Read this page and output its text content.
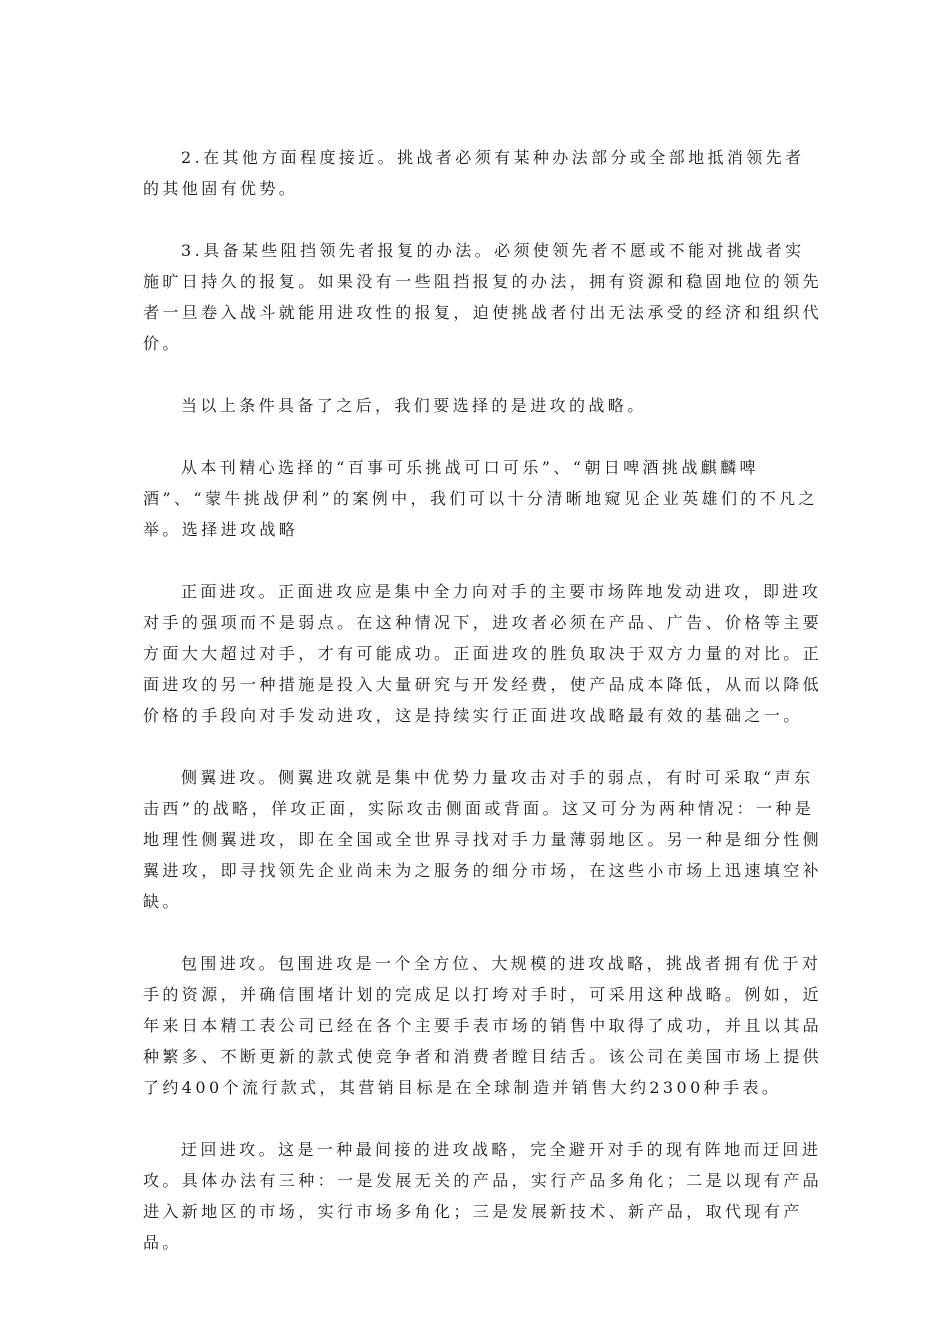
2.在其他方面程度接近。挑战者必须有某种办法部分或全部地抵消领先者的其他固有优势。

3.具备某些阻挡领先者报复的办法。必须使领先者不愿或不能对挑战者实施旷日持久的报复。如果没有一些阻挡报复的办法，拥有资源和稳固地位的领先者一旦卷入战斗就能用进攻性的报复，迫使挑战者付出无法承受的经济和组织代价。

当以上条件具备了之后，我们要选择的是进攻的战略。

从本刊精心选择的“百事可乐挑战可口可乐”、“朝日啤酒挑战麒麟啤酒”、“蒙牛挑战伊利”的案例中，我们可以十分清晰地窥见企业英雄们的不凡之举。选择进攻战略

正面进攻。正面进攻应是集中全力向对手的主要市场阵地发动进攻，即进攻对手的强项而不是弱点。在这种情况下，进攻者必须在产品、广告、价格等主要方面大大超过对手，才有可能成功。正面进攻的胜负取决于双方力量的对比。正面进攻的另一种措施是投入大量研究与开发经费，使产品成本降低，从而以降低价格的手段向对手发动进攻，这是持续实行正面进攻战略最有效的基础之一。

侧翼进攻。侧翼进攻就是集中优势力量攻击对手的弱点，有时可采取“声东击西”的战略，佯攻正面，实际攻击侧面或背面。这又可分为两种情况：一种是地理性侧翼进攻，即在全国或全世界寻找对手力量薄弱地区。另一种是细分性侧翼进攻，即寻找领先企业尚未为之服务的细分市场，在这些小市场上迅速填空补缺。

包围进攻。包围进攻是一个全方位、大规模的进攻战略，挑战者拥有优于对手的资源，并确信围堵计划的完成足以打垮对手时，可采用这种战略。例如，近年来日本精工表公司已经在各个主要手表市场的销售中取得了成功，并且以其品种繁多、不断更新的款式使竞争者和消费者瞠目结舌。该公司在美国市场上提供了约400个流行款式，其营销目标是在全球制造并销售大约2300种手表。

迂回进攻。这是一种最间接的进攻战略，完全避开对手的现有阵地而迂回进攻。具体办法有三种：一是发展无关的产品，实行产品多角化；二是以现有产品进入新地区的市场，实行市场多角化；三是发展新技术、新产品，取代现有产品。
